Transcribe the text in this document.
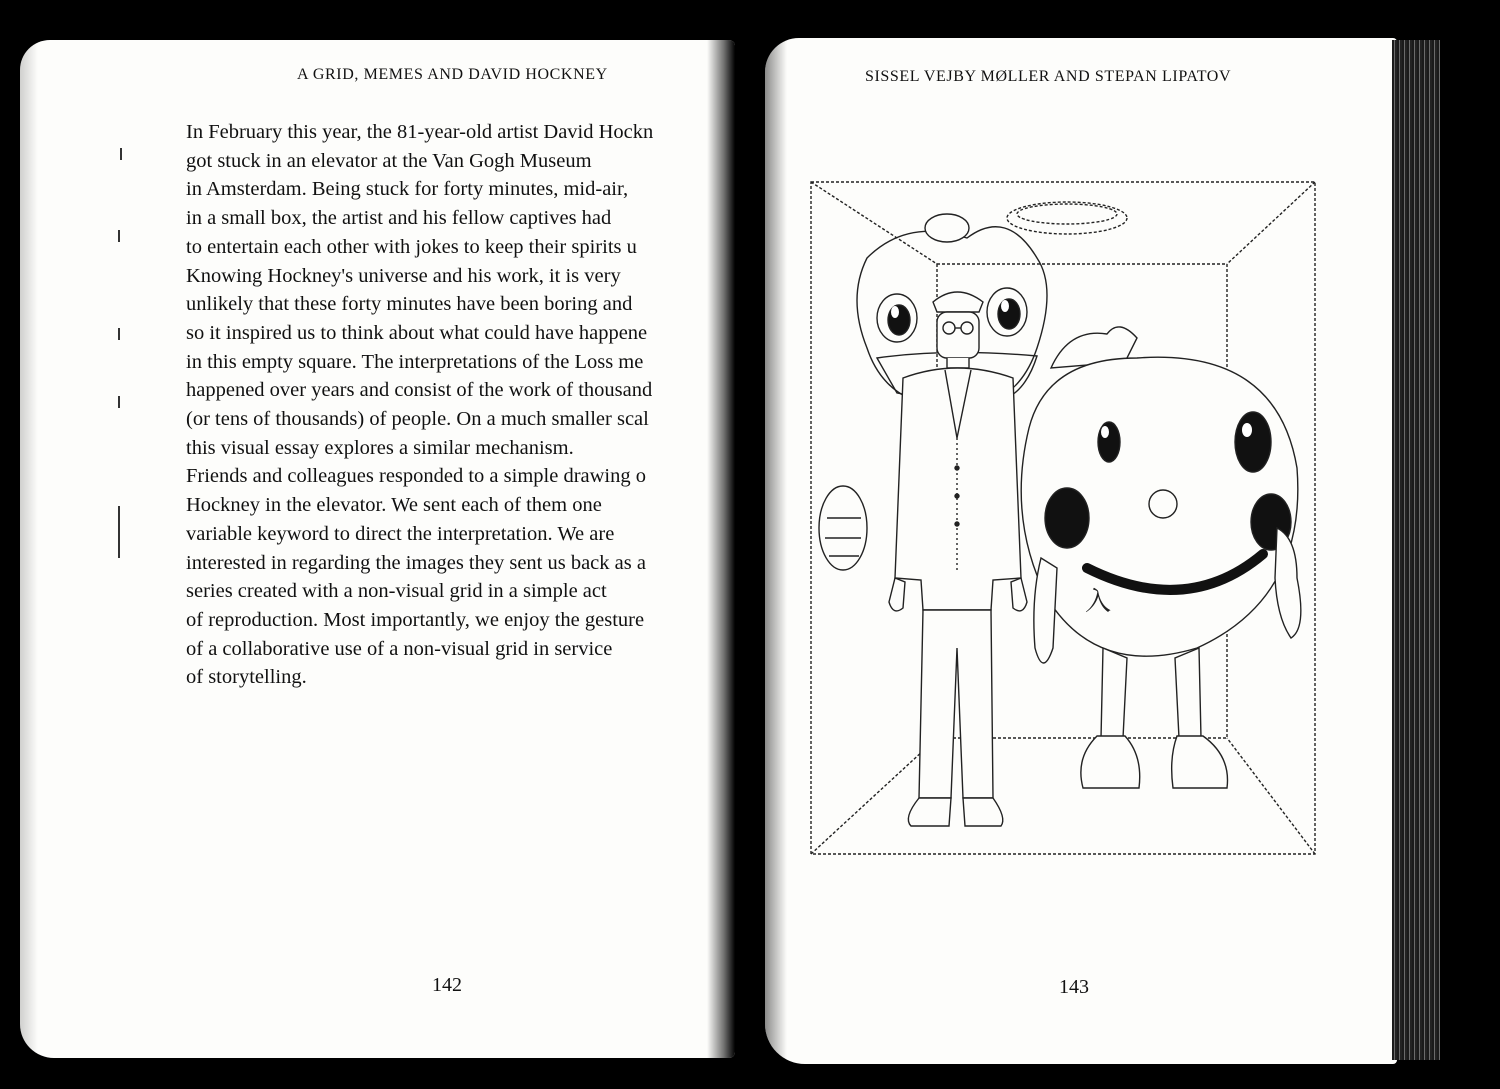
A GRID, MEMES AND DAVID HOCKNEY
In February this year, the 81-year-old artist David Hockn
got stuck in an elevator at the Van Gogh Museum
in Amsterdam. Being stuck for forty minutes, mid-air,
in a small box, the artist and his fellow captives had
to entertain each other with jokes to keep their spirits u
Knowing Hockney's universe and his work, it is very
unlikely that these forty minutes have been boring and
so it inspired us to think about what could have happene
in this empty square. The interpretations of the Loss me
happened over years and consist of the work of thousand
(or tens of thousands) of people. On a much smaller scal
this visual essay explores a similar mechanism.
Friends and colleagues responded to a simple drawing o
Hockney in the elevator. We sent each of them one
variable keyword to direct the interpretation. We are
interested in regarding the images they sent us back as a
series created with a non-visual grid in a simple act
of reproduction. Most importantly, we enjoy the gesture
of a collaborative use of a non-visual grid in service
of storytelling.
142
SISSEL VEJBY MØLLER AND STEPAN LIPATOV
入
143
